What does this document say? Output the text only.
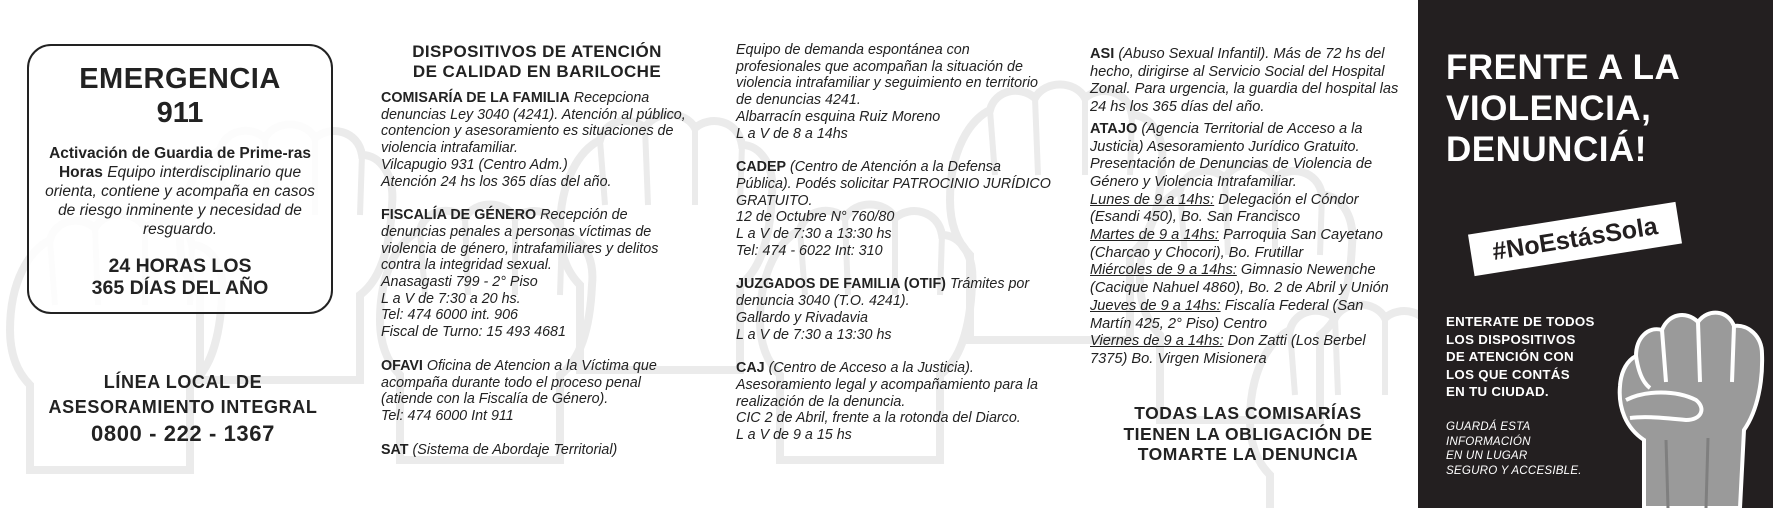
EMERGENCIA
911
Activación de Guardia de Prime-ras Horas Equipo interdisciplinario que orienta, contiene y acompaña en casos de riesgo inminente y necesidad de resguardo.
24 HORAS LOS
365 DÍAS DEL AÑO
LÍNEA LOCAL DE
ASESORAMIENTO INTEGRAL
0800 - 222 - 1367
DISPOSITIVOS DE ATENCIÓN
DE CALIDAD EN BARILOCHE
COMISARÍA DE LA FAMILIA Recepciona denuncias Ley 3040 (4241). Atención al público, contencion y asesoramiento es situaciones de violencia intrafamiliar.
Vilcapugio 931 (Centro Adm.)
Atención 24 hs los 365 días del año.
FISCALÍA DE GÉNERO Recepción de denuncias penales a personas víctimas de violencia de género, intrafamiliares y delitos contra la integridad sexual.
Anasagasti 799 - 2° Piso
L a V de 7:30 a 20 hs.
Tel: 474 6000 int. 906
Fiscal de Turno: 15 493 4681
OFAVI Oficina de Atencion a la Víctima que acompaña durante todo el proceso penal (atiende con la Fiscalía de Género).
Tel: 474 6000 Int 911
SAT (Sistema de Abordaje Territorial)
Equipo de demanda espontánea con profesionales que acompañan la situación de violencia intrafamiliar y seguimiento en territorio de denuncias 4241.
Albarracín esquina Ruiz Moreno
L a V de 8 a 14hs
CADEP (Centro de Atención a la Defensa Pública). Podés solicitar PATROCINIO JURÍDICO GRATUITO.
12 de Octubre N° 760/80
L a V de 7:30 a 13:30 hs
Tel: 474 - 6022 Int: 310
JUZGADOS DE FAMILIA (OTIF) Trámites por denuncia 3040 (T.O. 4241).
Gallardo y Rivadavia
L a V de 7:30 a 13:30 hs
CAJ (Centro de Acceso a la Justicia). Asesoramiento legal y acompañamiento para la realización de la denuncia.
CIC 2 de Abril, frente a la rotonda del Diarco.
L a V de 9 a 15 hs
ASI (Abuso Sexual Infantil). Más de 72 hs del hecho, dirigirse al Servicio Social del Hospital Zonal. Para urgencia, la guardia del hospital las 24 hs los 365 días del año.
ATAJO (Agencia Territorial de Acceso a la Justicia) Asesoramiento Jurídico Gratuito. Presentación de Denuncias de Violencia de Género y Violencia Intrafamiliar.
Lunes de 9 a 14hs: Delegación el Cóndor (Esandi 450), Bo. San Francisco
Martes de 9 a 14hs: Parroquia San Cayetano (Charcao y Chocori), Bo. Frutillar
Miércoles de 9 a 14hs: Gimnasio Newenche (Cacique Nahuel 4860), Bo. 2 de Abril y Unión
Jueves de 9 a 14hs: Fiscalía Federal (San Martín 425, 2° Piso) Centro
Viernes de 9 a 14hs: Don Zatti (Los Berbel 7375) Bo. Virgen Misionera
TODAS LAS COMISARÍAS
TIENEN LA OBLIGACIÓN DE
TOMARTE LA DENUNCIA
FRENTE A LA
VIOLENCIA,
DENUNCIÁ!
#NoEstásSola
ENTERATE DE TODOS
LOS DISPOSITIVOS
DE ATENCIÓN CON
LOS QUE CONTÁS
EN TU CIUDAD.
GUARDÁ ESTA
INFORMACIÓN
EN UN LUGAR
SEGURO Y ACCESIBLE.
